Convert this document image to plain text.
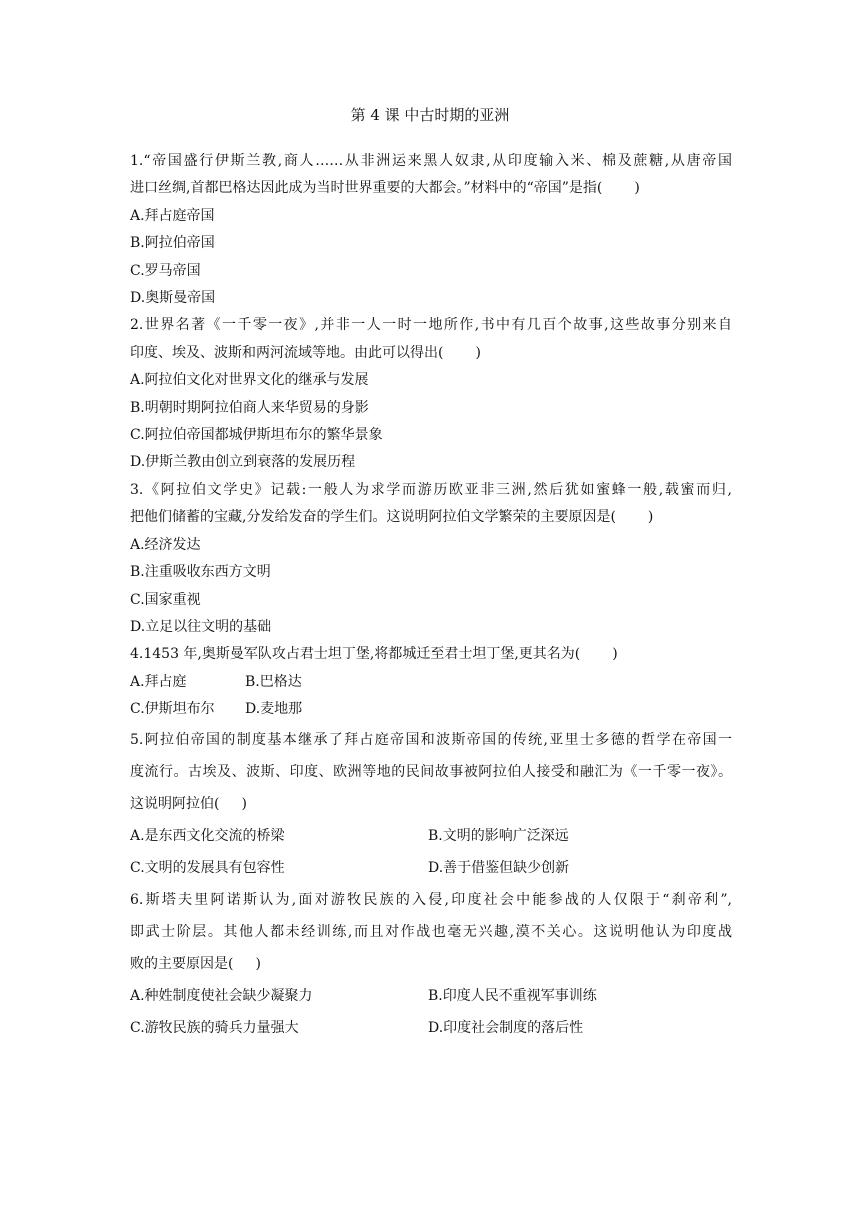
第 4 课 中古时期的亚洲
1.“帝国盛行伊斯兰教,商人……从非洲运来黑人奴隶,从印度输入米、棉及蔗糖,从唐帝国
进口丝绸,首都巴格达因此成为当时世界重要的大都会。”材料中的“帝国”是指( )
A.拜占庭帝国
B.阿拉伯帝国
C.罗马帝国
D.奥斯曼帝国
2.世界名著《一千零一夜》,并非一人一时一地所作,书中有几百个故事,这些故事分别来自
印度、埃及、波斯和两河流域等地。由此可以得出( )
A.阿拉伯文化对世界文化的继承与发展
B.明朝时期阿拉伯商人来华贸易的身影
C.阿拉伯帝国都城伊斯坦布尔的繁华景象
D.伊斯兰教由创立到衰落的发展历程
3.《阿拉伯文学史》记载:一般人为求学而游历欧亚非三洲,然后犹如蜜蜂一般,载蜜而归,
把他们储蓄的宝藏,分发给发奋的学生们。这说明阿拉伯文学繁荣的主要原因是( )
A.经济发达
B.注重吸收东西方文明
C.国家重视
D.立足以往文明的基础
4.1453 年,奥斯曼军队攻占君士坦丁堡,将都城迁至君士坦丁堡,更其名为( )
A.拜占庭	B.巴格达
C.伊斯坦布尔	D.麦地那
5.阿拉伯帝国的制度基本继承了拜占庭帝国和波斯帝国的传统,亚里士多德的哲学在帝国一
度流行。古埃及、波斯、印度、欧洲等地的民间故事被阿拉伯人接受和融汇为《一千零一夜》。
这说明阿拉伯( )
A.是东西文化交流的桥梁	B.文明的影响广泛深远
C.文明的发展具有包容性	D.善于借鉴但缺少创新
6.斯塔夫里阿诺斯认为,面对游牧民族的入侵,印度社会中能参战的人仅限于“刹帝利”,
即武士阶层。其他人都未经训练,而且对作战也毫无兴趣,漠不关心。这说明他认为印度战
败的主要原因是( )
A.种姓制度使社会缺少凝聚力	B.印度人民不重视军事训练
C.游牧民族的骑兵力量强大	D.印度社会制度的落后性
